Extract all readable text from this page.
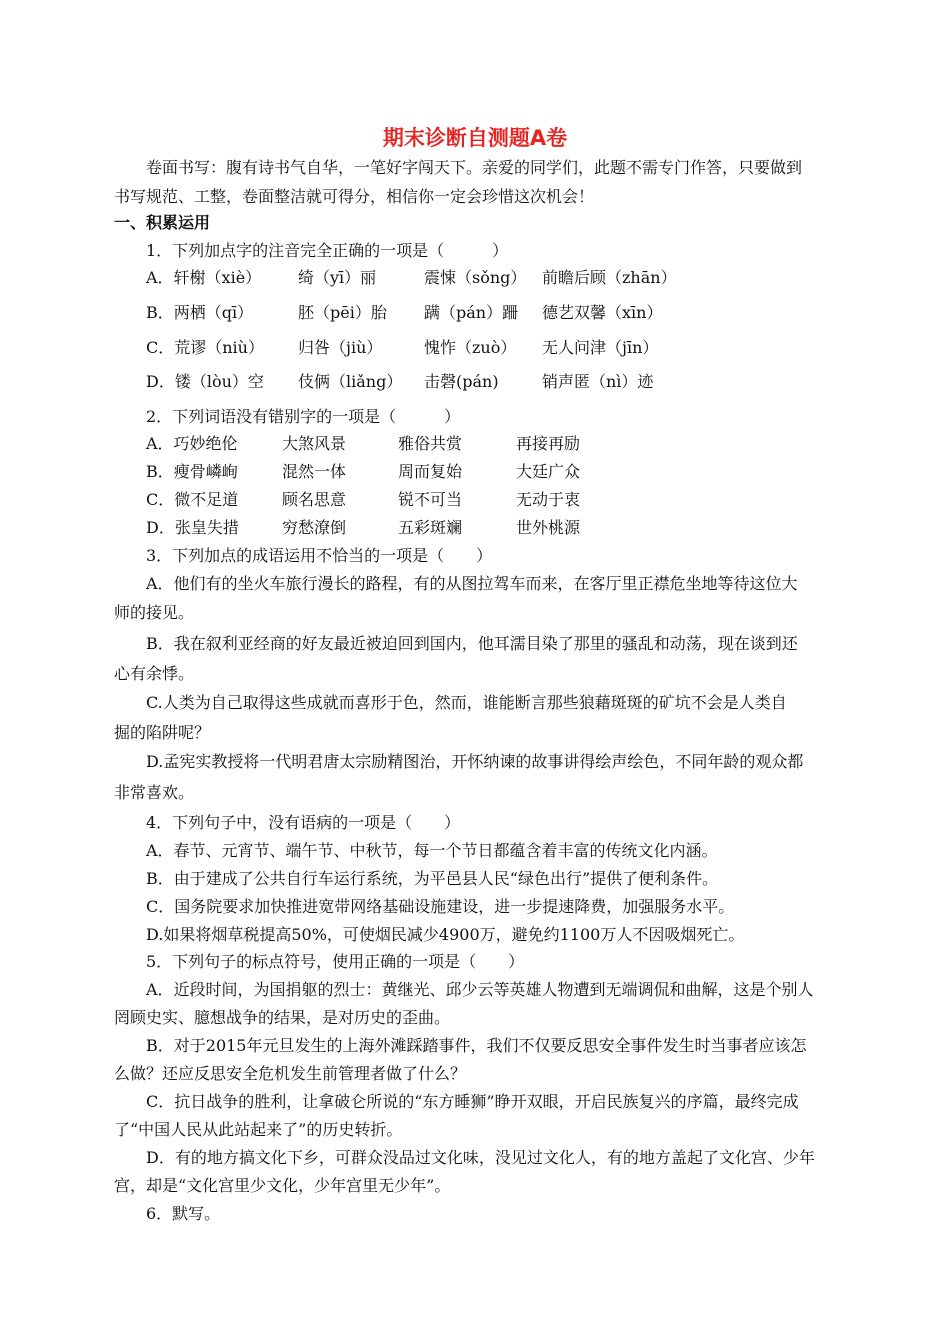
期末诊断自测题A卷
卷面书写：腹有诗书气自华，一笔好字闯天下。亲爱的同学们，此题不需专门作答，只要做到
书写规范、工整，卷面整洁就可得分，相信你一定会珍惜这次机会！
一、积累运用
1．下列加点字的注音完全正确的一项是（　　　）
A．轩榭（xiè） 绮（yī）丽	震悚（sǒng） 前瞻后顾（zhān）
B．两栖（qī）	胚（pēi）胎 蹒（pán）跚 德艺双馨（xīn）
C．荒谬（niù） 归咎（jiù）	愧怍（zuò） 无人问津（jīn）
D．镂（lòu）空 伎俩（liǎng） 击磬(pán)	销声匿（nì）迹
2．下列词语没有错别字的一项是（　　　）
A．巧妙绝伦	大煞风景	雅俗共赏	再接再励
B．瘦骨嶙峋	混然一体	周而复始	大廷广众
C．微不足道	顾名思意	锐不可当	无动于衷
D．张皇失措	穷愁潦倒	五彩斑斓	世外桃源
3．下列加点的成语运用不恰当的一项是（　　）
A．他们有的坐火车旅行漫长的路程，有的从图拉驾车而来，在客厅里正襟危坐地等待这位大
师的接见。
B．我在叙利亚经商的好友最近被迫回到国内，他耳濡目染了那里的骚乱和动荡，现在谈到还
心有余悸。
C.人类为自己取得这些成就而喜形于色，然而，谁能断言那些狼藉斑斑的矿坑不会是人类自
掘的陷阱呢？
D.孟宪实教授将一代明君唐太宗励精图治，开怀纳谏的故事讲得绘声绘色，不同年龄的观众都
非常喜欢。
4．下列句子中，没有语病的一项是（　　）
A．春节、元宵节、端午节、中秋节，每一个节日都蕴含着丰富的传统文化内涵。
B．由于建成了公共自行车运行系统，为平邑县人民“绿色出行”提供了便利条件。
C．国务院要求加快推进宽带网络基础设施建设，进一步提速降费，加强服务水平。
D.如果将烟草税提高50%，可使烟民减少4900万，避免约1100万人不因吸烟死亡。
5．下列句子的标点符号，使用正确的一项是（　　）
A．近段时间，为国捐躯的烈士：黄继光、邱少云等英雄人物遭到无端调侃和曲解，这是个别人
罔顾史实、臆想战争的结果，是对历史的歪曲。
B．对于2015年元旦发生的上海外滩踩踏事件，我们不仅要反思安全事件发生时当事者应该怎
么做？还应反思安全危机发生前管理者做了什么？
C．抗日战争的胜利，让拿破仑所说的“东方睡狮”睁开双眼，开启民族复兴的序篇，最终完成
了“中国人民从此站起来了”的历史转折。
D．有的地方搞文化下乡，可群众没品过文化味，没见过文化人，有的地方盖起了文化宫、少年
宫，却是“文化宫里少文化，少年宫里无少年”。
6．默写。
